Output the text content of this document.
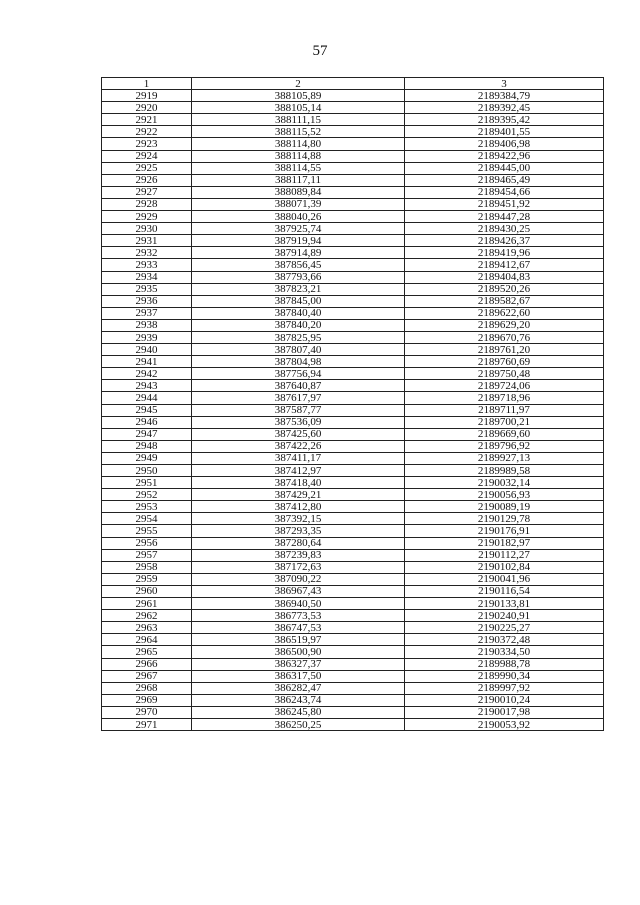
57
1	2	3
2919	388105,89	2189384,79
2920	388105,14	2189392,45
2921	388111,15	2189395,42
2922	388115,52	2189401,55
2923	388114,80	2189406,98
2924	388114,88	2189422,96
2925	388114,55	2189445,00
2926	388117,11	2189465,49
2927	388089,84	2189454,66
2928	388071,39	2189451,92
2929	388040,26	2189447,28
2930	387925,74	2189430,25
2931	387919,94	2189426,37
2932	387914,89	2189419,96
2933	387856,45	2189412,67
2934	387793,66	2189404,83
2935	387823,21	2189520,26
2936	387845,00	2189582,67
2937	387840,40	2189622,60
2938	387840,20	2189629,20
2939	387825,95	2189670,76
2940	387807,40	2189761,20
2941	387804,98	2189760,69
2942	387756,94	2189750,48
2943	387640,87	2189724,06
2944	387617,97	2189718,96
2945	387587,77	2189711,97
2946	387536,09	2189700,21
2947	387425,60	2189669,60
2948	387422,26	2189796,92
2949	387411,17	2189927,13
2950	387412,97	2189989,58
2951	387418,40	2190032,14
2952	387429,21	2190056,93
2953	387412,80	2190089,19
2954	387392,15	2190129,78
2955	387293,35	2190176,91
2956	387280,64	2190182,97
2957	387239,83	2190112,27
2958	387172,63	2190102,84
2959	387090,22	2190041,96
2960	386967,43	2190116,54
2961	386940,50	2190133,81
2962	386773,53	2190240,91
2963	386747,53	2190225,27
2964	386519,97	2190372,48
2965	386500,90	2190334,50
2966	386327,37	2189988,78
2967	386317,50	2189990,34
2968	386282,47	2189997,92
2969	386243,74	2190010,24
2970	386245,80	2190017,98
2971	386250,25	2190053,92
